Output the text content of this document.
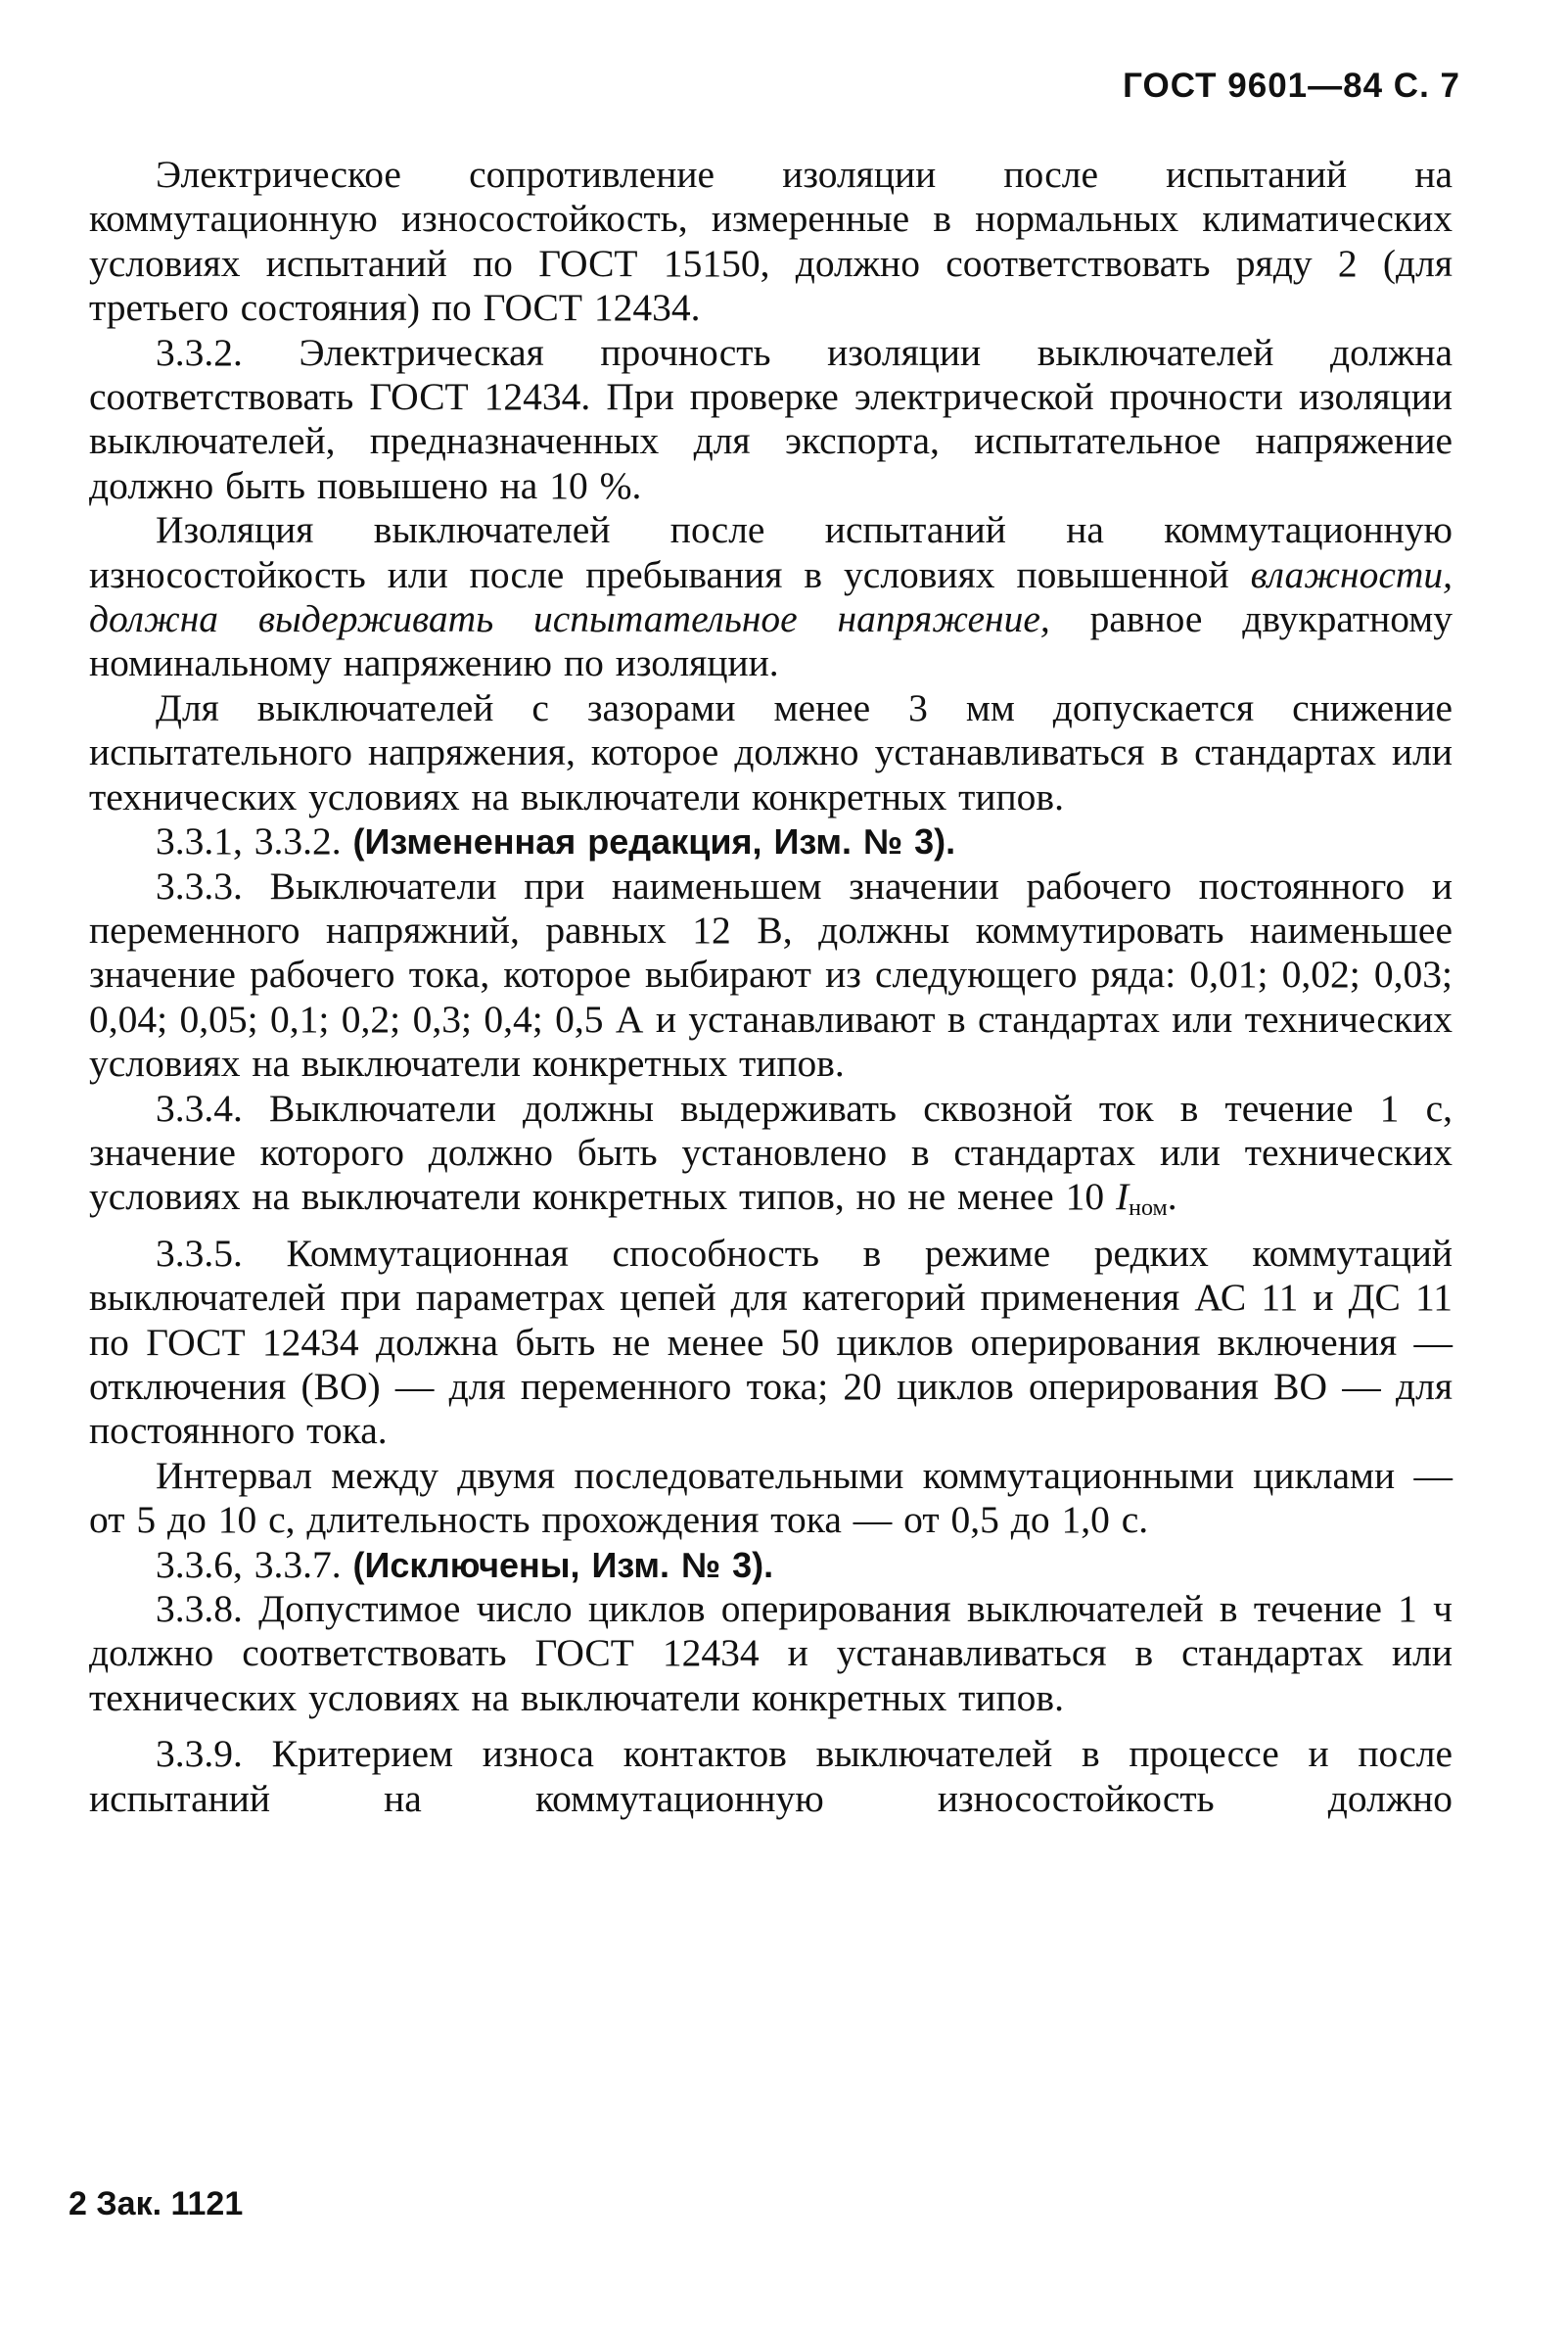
ГОСТ 9601—84 С. 7

Электрическое сопротивление изоляции после испытаний на коммутационную износостойкость, измеренные в нормальных климатических условиях испытаний по ГОСТ 15150, должно соответствовать ряду 2 (для третьего состояния) по ГОСТ 12434.

3.3.2. Электрическая прочность изоляции выключателей должна соответствовать ГОСТ 12434. При проверке электрической прочности изоляции выключателей, предназначенных для экспорта, испытательное напряжение должно быть повышено на 10 %.

Изоляция выключателей после испытаний на коммутационную износостойкость или после пребывания в условиях повышенной влажности, должна выдерживать испытательное напряжение, равное двукратному номинальному напряжению по изоляции.

Для выключателей с зазорами менее 3 мм допускается снижение испытательного напряжения, которое должно устанавливаться в стандартах или технических условиях на выключатели конкретных типов.

3.3.1, 3.3.2. (Измененная редакция, Изм. № 3).

3.3.3. Выключатели при наименьшем значении рабочего постоянного и переменного напряжний, равных 12 В, должны коммутировать наименьшее значение рабочего тока, которое выбирают из следующего ряда: 0,01; 0,02; 0,03; 0,04; 0,05; 0,1; 0,2; 0,3; 0,4; 0,5 А и устанавливают в стандартах или технических условиях на выключатели конкретных типов.

3.3.4. Выключатели должны выдерживать сквозной ток в течение 1 с, значение которого должно быть установлено в стандартах или технических условиях на выключатели конкретных типов, но не менее 10 $I_{ном}$.

3.3.5. Коммутационная способность в режиме редких коммутаций выключателей при параметрах цепей для категорий применения АС 11 и ДС 11 по ГОСТ 12434 должна быть не менее 50 циклов оперирования включения — отключения (ВО) — для переменного тока; 20 циклов оперирования ВО — для постоянного тока.

Интервал между двумя последовательными коммутационными циклами — от 5 до 10 с, длительность прохождения тока — от 0,5 до 1,0 с.

3.3.6, 3.3.7. (Исключены, Изм. № 3).

3.3.8. Допустимое число циклов оперирования выключателей в течение 1 ч должно соответствовать ГОСТ 12434 и устанавливаться в стандартах или технических условиях на выключатели конкретных типов.

3.3.9. Критерием износа контактов выключателей в процессе и после испытаний на коммутационную износостойкость должно

2 Зак. 1121
